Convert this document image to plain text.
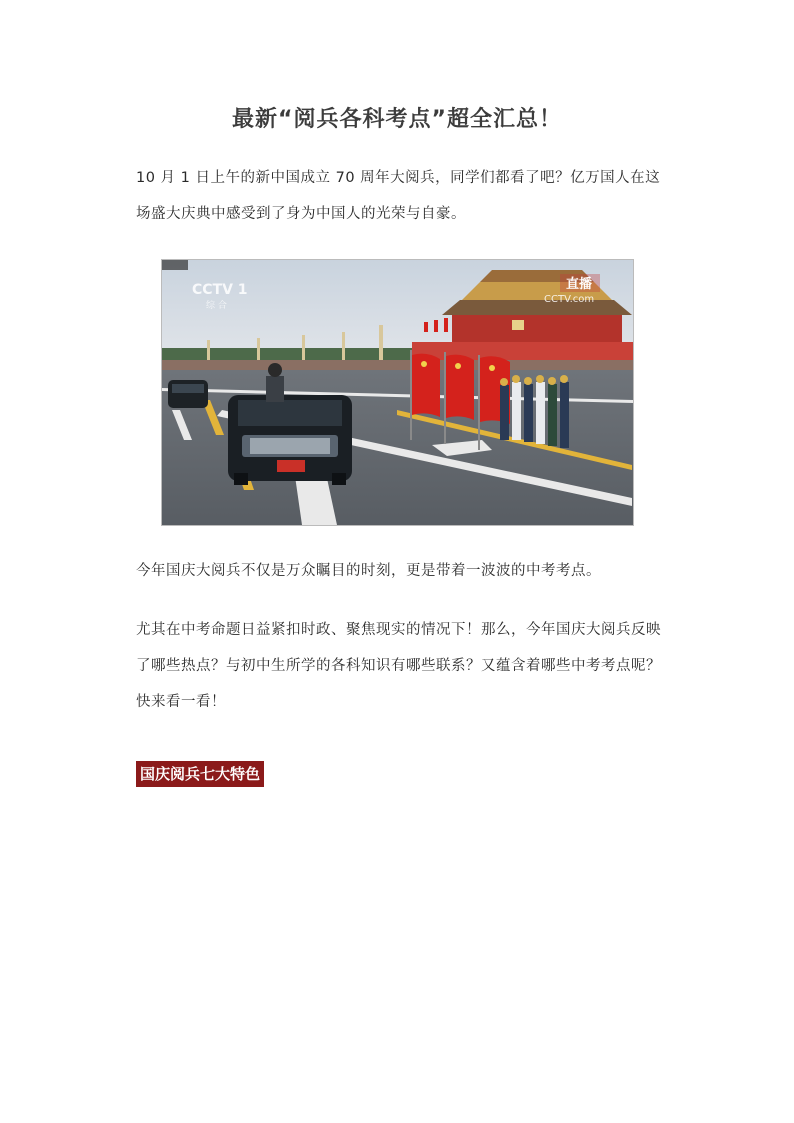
最新“阅兵各科考点”超全汇总！
10 月 1 日上午的新中国成立 70 周年大阅兵，同学们都看了吧？亿万国人在这场盛大庆典中感受到了身为中国人的光荣与自豪。
CCTV 1
综 合
直播
CCTV.com
今年国庆大阅兵不仅是万众瞩目的时刻，更是带着一波波的中考考点。
尤其在中考命题日益紧扣时政、聚焦现实的情况下！那么，今年国庆大阅兵反映了哪些热点？与初中生所学的各科知识有哪些联系？又蕴含着哪些中考考点呢？快来看一看！
国庆阅兵七大特色
